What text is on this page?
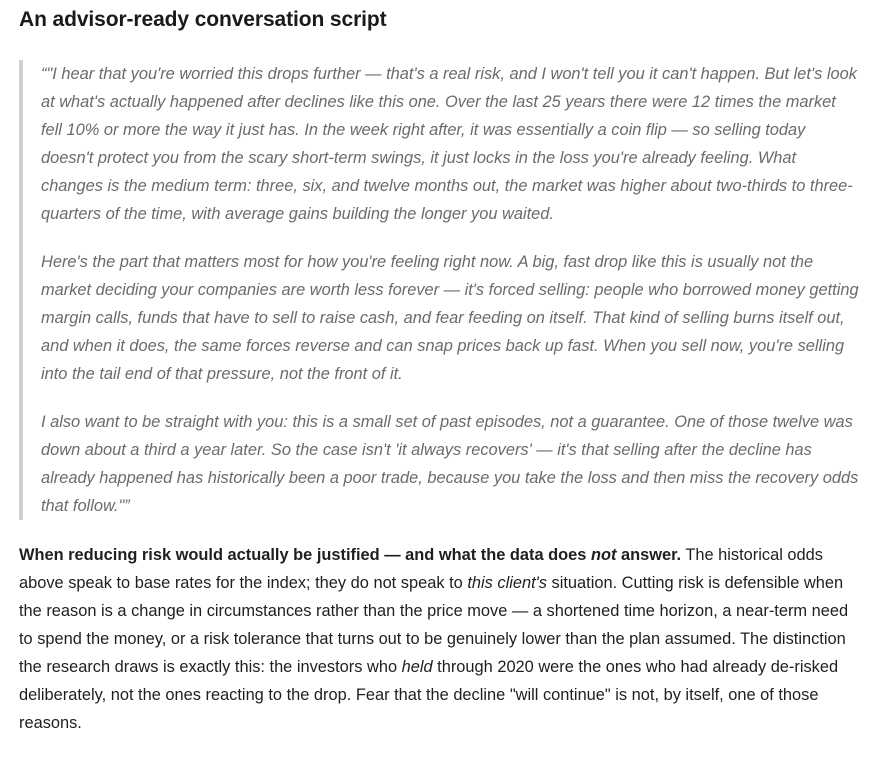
An advisor-ready conversation script

“"I hear that you're worried this drops further — that's a real risk, and I won't tell you it can't happen. But let's look at what's actually happened after declines like this one. Over the last 25 years there were 12 times the market fell 10% or more the way it just has. In the week right after, it was essentially a coin flip — so selling today doesn't protect you from the scary short-term swings, it just locks in the loss you're already feeling. What changes is the medium term: three, six, and twelve months out, the market was higher about two-thirds to three-quarters of the time, with average gains building the longer you waited.

Here's the part that matters most for how you're feeling right now. A big, fast drop like this is usually not the market deciding your companies are worth less forever — it's forced selling: people who borrowed money getting margin calls, funds that have to sell to raise cash, and fear feeding on itself. That kind of selling burns itself out, and when it does, the same forces reverse and can snap prices back up fast. When you sell now, you're selling into the tail end of that pressure, not the front of it.

I also want to be straight with you: this is a small set of past episodes, not a guarantee. One of those twelve was down about a third a year later. So the case isn't 'it always recovers' — it's that selling after the decline has already happened has historically been a poor trade, because you take the loss and then miss the recovery odds that follow."”

When reducing risk would actually be justified — and what the data does not answer. The historical odds above speak to base rates for the index; they do not speak to this client's situation. Cutting risk is defensible when the reason is a change in circumstances rather than the price move — a shortened time horizon, a near-term need to spend the money, or a risk tolerance that turns out to be genuinely lower than the plan assumed. The distinction the research draws is exactly this: the investors who held through 2020 were the ones who had already de-risked deliberately, not the ones reacting to the drop. Fear that the decline "will continue" is not, by itself, one of those reasons.
